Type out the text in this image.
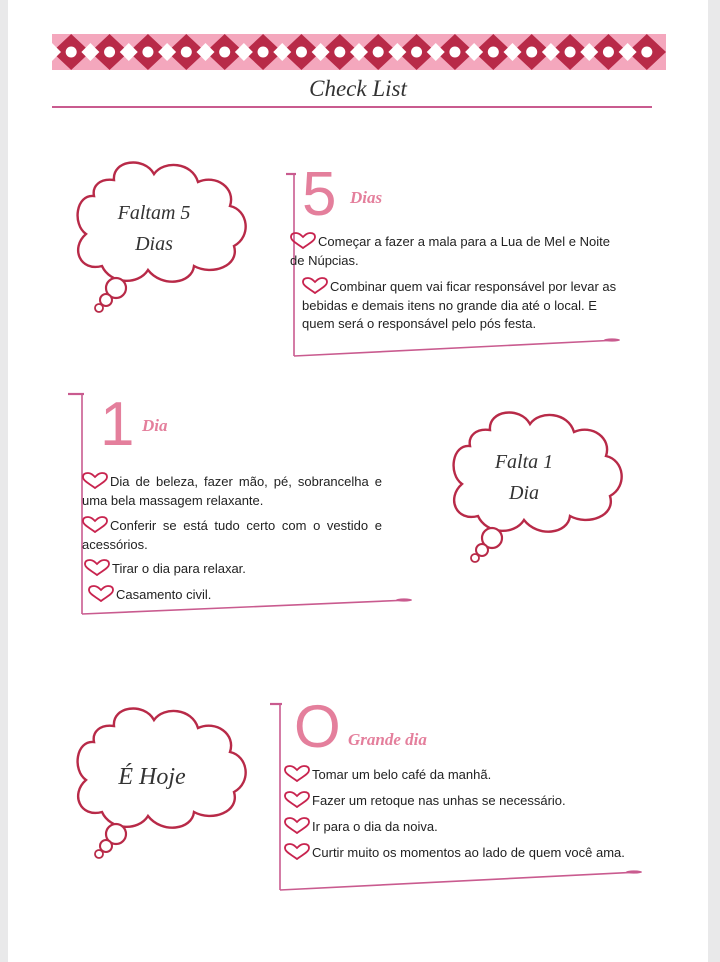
Check List
Faltam 5
Dias
5 Dias
Começar a fazer a mala para a Lua de Mel e Noite de Núpcias.
Combinar quem vai ficar responsável por levar as bebidas e demais itens no grande dia até o local. E quem será o responsável pelo pós festa.
1 Dia
Dia de beleza, fazer mão, pé, sobrancelha e uma bela massagem relaxante.
Conferir se está tudo certo com o vestido e acessórios.
Tirar o dia para relaxar.
Casamento civil.
Falta 1
Dia
É Hoje
O Grande dia
Tomar um belo café da manhã.
Fazer um retoque nas unhas se necessário.
Ir para o dia da noiva.
Curtir muito os momentos ao lado de quem você ama.
